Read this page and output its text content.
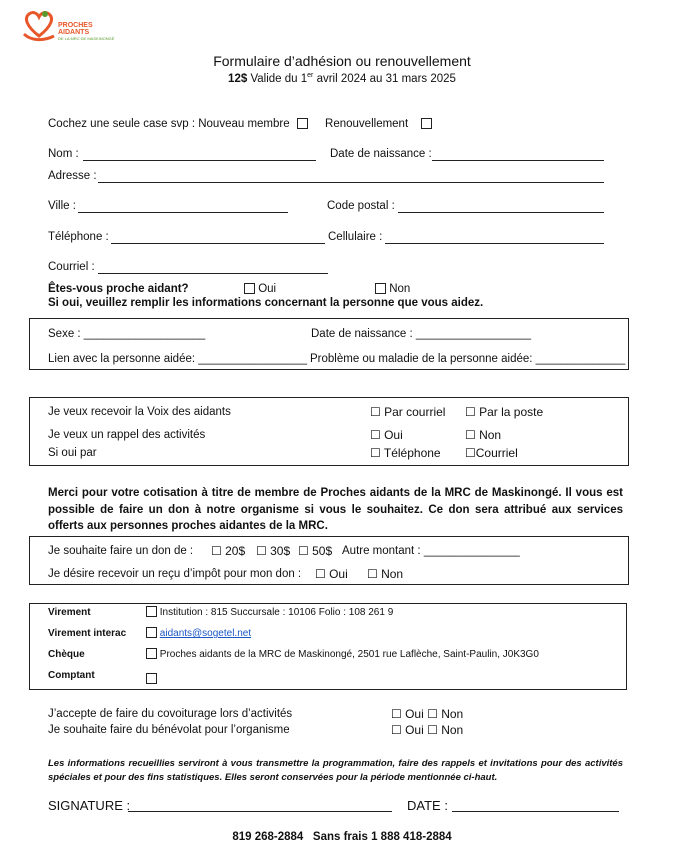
PROCHES
AIDANTS
DE LA MRC DE MASKINONGÉ
Formulaire d’adhésion ou renouvellement
12$ Valide du 1er avril 2024 au 31 mars 2025
Cochez une seule case svp : Nouveau membre	Renouvellement
Nom :	Date de naissance :
Adresse :
Ville :	Code postal :
Téléphone :	Cellulaire :
Courriel :
Êtes-vous proche aidant?	Oui	Non
Si oui, veuillez remplir les informations concernant la personne que vous aidez.
Sexe : ___________________	Date de naissance : __________________
Lien avec la personne aidée: _________________ Problème ou maladie de la personne aidée: ______________
Je veux recevoir la Voix des aidants	☐ Par courriel ☐ Par la poste
Je veux un rappel des activités	☐ Oui	☐ Non
Si oui par	☐ Téléphone ☐Courriel
Merci pour votre cotisation à titre de membre de Proches aidants de la MRC de Maskinongé. Il vous est possible de faire un don à notre organisme si vous le souhaitez. Ce don sera attribué aux services offerts aux personnes proches aidantes de la MRC.
Je souhaite faire un don de : ☐ 20$ ☐ 30$ ☐ 50$ Autre montant : _______________
Je désire recevoir un reçu d’impôt pour mon don : ☐ Oui ☐ Non
Virement	Institution : 815 Succursale : 10106 Folio : 108 261 9
Virement interac	aidants@sogetel.net
Chèque	Proches aidants de la MRC de Maskinongé, 2501 rue Laflèche, Saint-Paulin, J0K3G0
Comptant
J’accepte de faire du covoiturage lors d’activités	☐ Oui ☐ Non
Je souhaite faire du bénévolat pour l’organisme	☐ Oui ☐ Non
Les informations recueillies serviront à vous transmettre la programmation, faire des rappels et invitations pour des activités spéciales et pour des fins statistiques. Elles seront conservées pour la période mentionnée ci-haut.
SIGNATURE :	DATE :
819 268-2884   Sans frais 1 888 418-2884
